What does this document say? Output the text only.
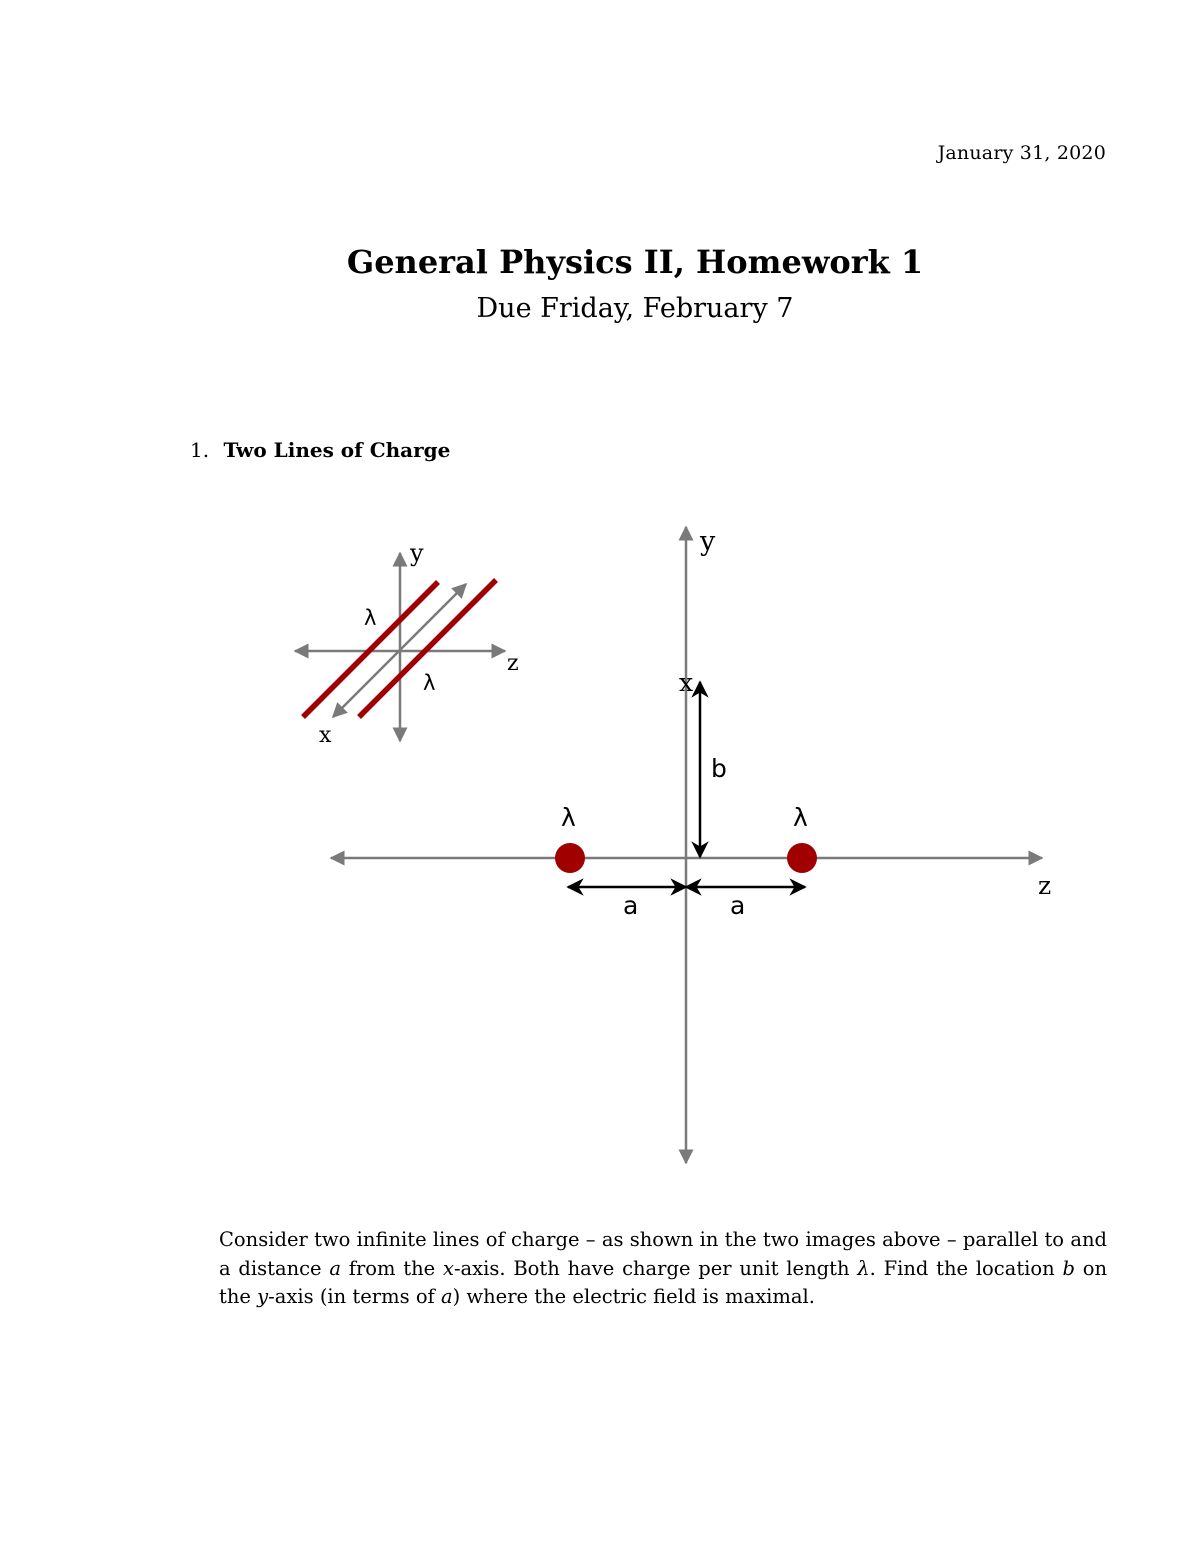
January 31, 2020
General Physics II, Homework 1
Due Friday, February 7
1. Two Lines of Charge
y
z
x
λ
λ
y
z
x
λ	λ
b
a	a
Consider two infinite lines of charge – as shown in the two images above – parallel to and a distance a from the x-axis. Both have charge per unit length λ. Find the location b on the y-axis (in terms of a) where the electric field is maximal.
